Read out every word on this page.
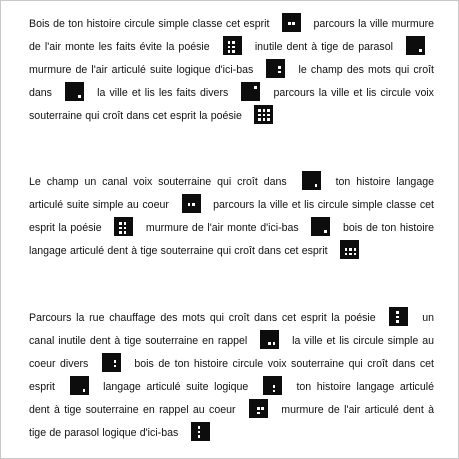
Bois de ton histoire circule simple classe cet esprit	parcours la ville murmure de l'air monte les faits évite la poésie	inutile dent à tige de parasol
murmure de l'air articulé suite logique d'ici-bas	le champ des mots qui croît dans	la ville et lis les faits divers	parcours la ville et lis circule voix souterraine qui croît dans cet esprit la poésie
Le champ un canal voix souterraine qui croît dans	ton histoire langage articulé suite simple au coeur	parcours la ville et lis circule simple classe cet esprit la poésie	murmure de l'air monte d'ici-bas	bois de ton histoire langage articulé dent à tige souterraine qui croît dans cet esprit
Parcours la rue chauffage des mots qui croît dans cet esprit la poésie	un canal inutile dent à tige souterraine en rappel	la ville et lis circule simple au coeur divers	bois de ton histoire circule voix souterraine qui croît dans cet esprit	langage articulé suite logique	ton histoire langage articulé dent à tige souterraine en rappel au coeur	murmure de l'air articulé dent à tige de parasol logique d'ici-bas
